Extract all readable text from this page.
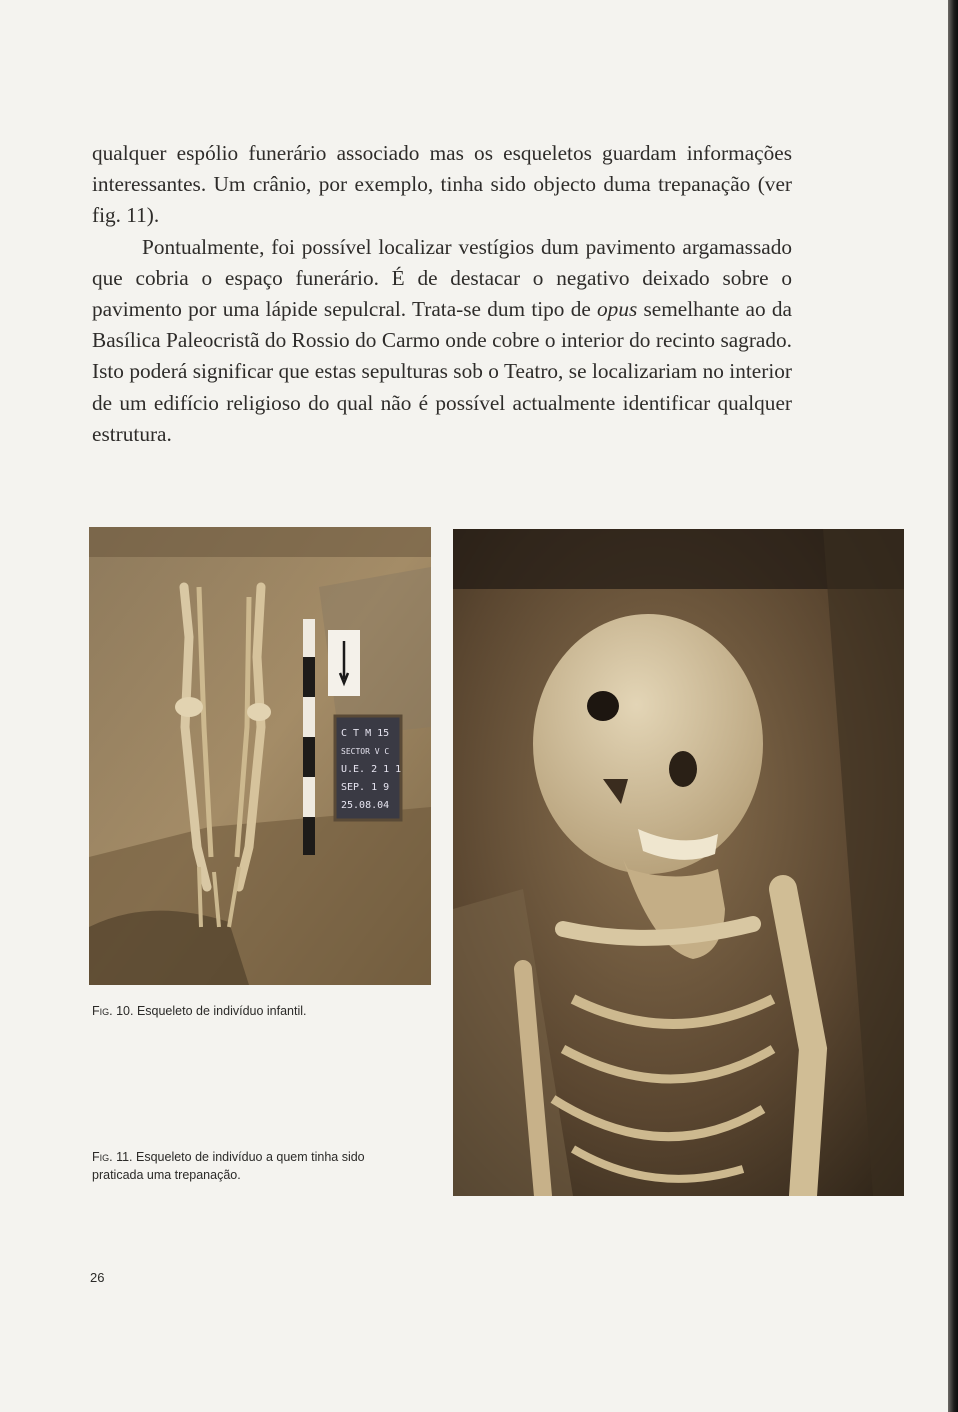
qualquer espólio funerário associado mas os esqueletos guardam informações interessantes. Um crânio, por exemplo, tinha sido objecto duma trepanação (ver fig. 11).

Pontualmente, foi possível localizar vestígios dum pavimento argamassado que cobria o espaço funerário. É de destacar o negativo deixado sobre o pavimento por uma lápide sepulcral. Trata-se dum tipo de opus semelhante ao da Basílica Paleocristã do Rossio do Carmo onde cobre o interior do recinto sagrado. Isto poderá significar que estas sepulturas sob o Teatro, se localizariam no interior de um edifício religioso do qual não é possível actualmente identificar qualquer estrutura.

C T M 15
SECTOR V C
U.E. 2 1 1
SEP. 1 9
25.08.04
Fig. 10. Esqueleto de indivíduo infantil.
Fig. 11. Esqueleto de indivíduo a quem tinha sido praticada uma trepanação.
26
